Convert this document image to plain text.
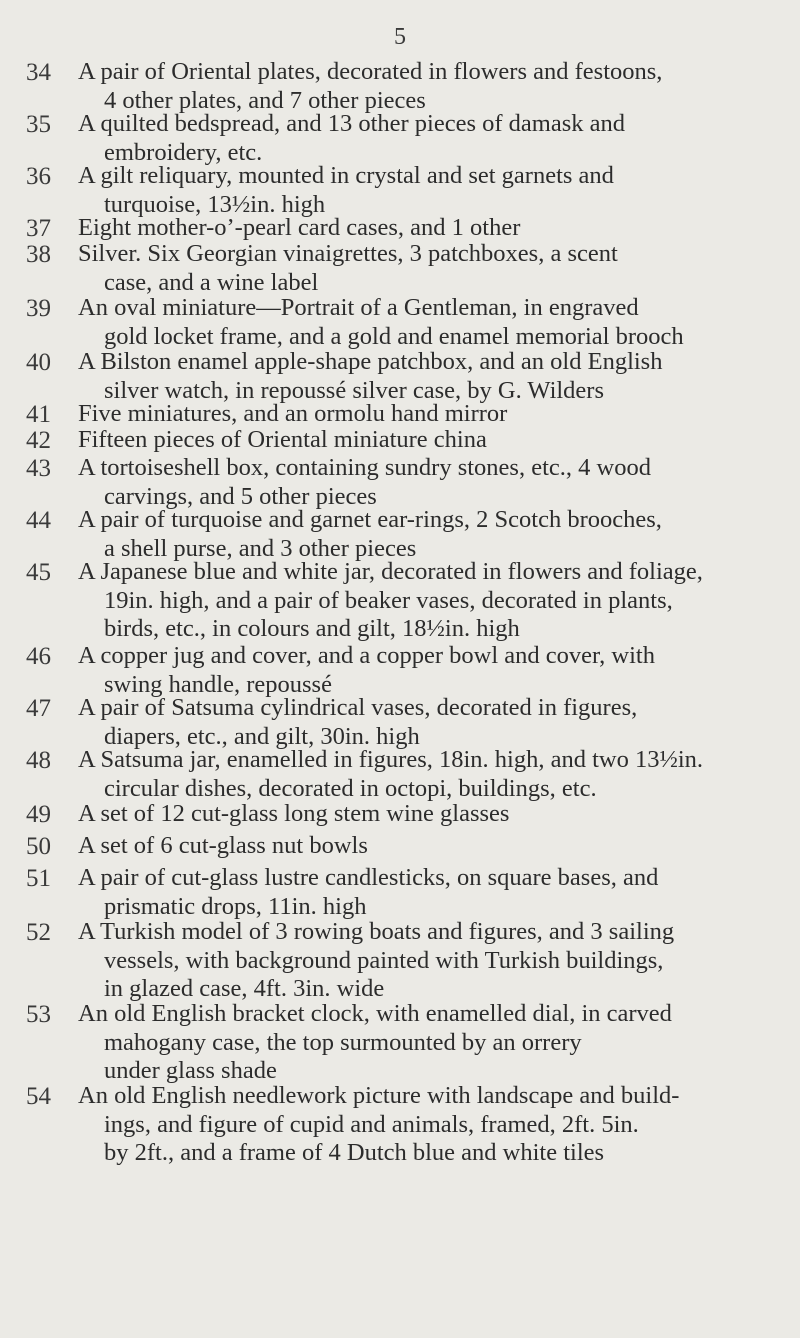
5
34	A pair of Oriental plates, decorated in flowers and festoons,
4 other plates, and 7 other pieces
35	A quilted bedspread, and 13 other pieces of damask and
embroidery, etc.
36	A gilt reliquary, mounted in crystal and set garnets and
turquoise, 13½in. high
37	Eight mother-o’-pearl card cases, and 1 other
38	Silver. Six Georgian vinaigrettes, 3 patchboxes, a scent
case, and a wine label
39	An oval miniature—Portrait of a Gentleman, in engraved
gold locket frame, and a gold and enamel memorial brooch
40	A Bilston enamel apple-shape patchbox, and an old English
silver watch, in repoussé silver case, by G. Wilders
41	Five miniatures, and an ormolu hand mirror
42	Fifteen pieces of Oriental miniature china
43	A tortoiseshell box, containing sundry stones, etc., 4 wood
carvings, and 5 other pieces
44	A pair of turquoise and garnet ear-rings, 2 Scotch brooches,
a shell purse, and 3 other pieces
45	A Japanese blue and white jar, decorated in flowers and foliage,
19in. high, and a pair of beaker vases, decorated in plants,
birds, etc., in colours and gilt, 18½in. high
46	A copper jug and cover, and a copper bowl and cover, with
swing handle, repoussé
47	A pair of Satsuma cylindrical vases, decorated in figures,
diapers, etc., and gilt, 30in. high
48	A Satsuma jar, enamelled in figures, 18in. high, and two 13½in.
circular dishes, decorated in octopi, buildings, etc.
49	A set of 12 cut-glass long stem wine glasses
50	A set of 6 cut-glass nut bowls
51	A pair of cut-glass lustre candlesticks, on square bases, and
prismatic drops, 11in. high
52	A Turkish model of 3 rowing boats and figures, and 3 sailing
vessels, with background painted with Turkish buildings,
in glazed case, 4ft. 3in. wide
53	An old English bracket clock, with enamelled dial, in carved
mahogany case, the top surmounted by an orrery
under glass shade
54	An old English needlework picture with landscape and build-
ings, and figure of cupid and animals, framed, 2ft. 5in.
by 2ft., and a frame of 4 Dutch blue and white tiles
